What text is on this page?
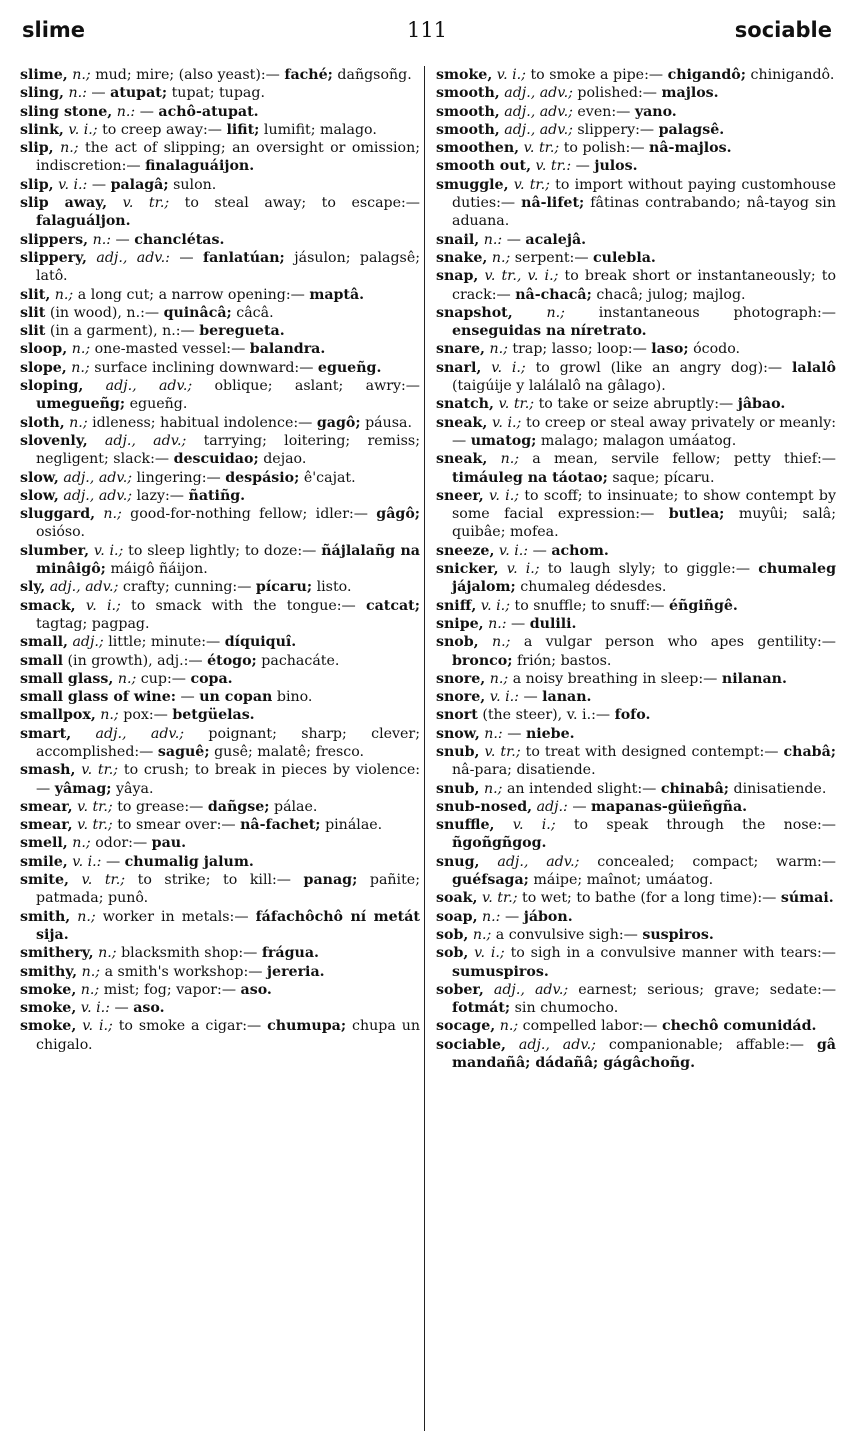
slime	111	sociable
slime, n.; mud; mire; (also yeast):— faché; dañgsoñg.
sling, n.: — atupat; tupat; tupag.
sling stone, n.: — achô-atupat.
slink, v. i.; to creep away:— lifit; lumifit; malago.
slip, n.; the act of slipping; an oversight or omission; indiscretion:— finalaguáijon.
slip, v. i.: — palagâ; sulon.
slip away, v. tr.; to steal away; to escape:— falaguáljon.
slippers, n.: — chanclétas.
slippery, adj., adv.: — fanlatúan; jásulon; palagsê; latô.
slit, n.; a long cut; a narrow opening:— maptâ.
slit (in wood), n.:— quinâcâ; câcâ.
slit (in a garment), n.:— beregueta.
sloop, n.; one-masted vessel:— balandra.
slope, n.; surface inclining downward:— egueñg.
sloping, adj., adv.; oblique; aslant; awry:— umegueñg; egueñg.
sloth, n.; idleness; habitual indolence:— gagô; páusa.
slovenly, adj., adv.; tarrying; loitering; remiss; negligent; slack:— descuidao; dejao.
slow, adj., adv.; lingering:— despásio; ê'cajat.
slow, adj., adv.; lazy:— ñatiñg.
sluggard, n.; good-for-nothing fellow; idler:— gâgô; osióso.
slumber, v. i.; to sleep lightly; to doze:— ñájlalañg na minâigô; máigô ñáijon.
sly, adj., adv.; crafty; cunning:— pícaru; listo.
smack, v. i.; to smack with the tongue:— catcat; tagtag; pagpag.
small, adj.; little; minute:— díquiquî.
small (in growth), adj.:— étogo; pachacáte.
small glass, n.; cup:— copa.
small glass of wine: — un copan bino.
smallpox, n.; pox:— betgüelas.
smart, adj., adv.; poignant; sharp; clever; accomplished:— saguê; gusê; malatê; fresco.
smash, v. tr.; to crush; to break in pieces by violence:— yâmag; yâya.
smear, v. tr.; to grease:— dañgse; pálae.
smear, v. tr.; to smear over:— nâ-fachet; pinálae.
smell, n.; odor:— pau.
smile, v. i.: — chumalig jalum.
smite, v. tr.; to strike; to kill:— panag; pañite; patmada; punô.
smith, n.; worker in metals:— fáfachôchô ní metát sija.
smithery, n.; blacksmith shop:— frágua.
smithy, n.; a smith's workshop:— jereria.
smoke, n.; mist; fog; vapor:— aso.
smoke, v. i.: — aso.
smoke, v. i.; to smoke a cigar:— chumupa; chupa un chigalo.
smoke, v. i.; to smoke a pipe:— chigandô; chinigandô.
smooth, adj., adv.; polished:— majlos.
smooth, adj., adv.; even:— yano.
smooth, adj., adv.; slippery:— palagsê.
smoothen, v. tr.; to polish:— nâ-majlos.
smooth out, v. tr.: — julos.
smuggle, v. tr.; to import without paying customhouse duties:— nâ-lifet; fâtinas contrabando; nâ-tayog sin aduana.
snail, n.: — acalejâ.
snake, n.; serpent:— culebla.
snap, v. tr., v. i.; to break short or instantaneously; to crack:— nâ-chacâ; chacâ; julog; majlog.
snapshot, n.; instantaneous photograph:— enseguidas na níretrato.
snare, n.; trap; lasso; loop:— laso; ócodo.
snarl, v. i.; to growl (like an angry dog):— lalalô (taigúije y lalálalô na gâlago).
snatch, v. tr.; to take or seize abruptly:— jâbao.
sneak, v. i.; to creep or steal away privately or meanly:— umatog; malago; malagon umáatog.
sneak, n.; a mean, servile fellow; petty thief:— timáuleg na táotao; saque; pícaru.
sneer, v. i.; to scoff; to insinuate; to show contempt by some facial expression:— butlea; muyûi; salâ; quibâe; mofea.
sneeze, v. i.: — achom.
snicker, v. i.; to laugh slyly; to giggle:— chumaleg jájalom; chumaleg dédesdes.
sniff, v. i.; to snuffle; to snuff:— éñgiñgê.
snipe, n.: — dulili.
snob, n.; a vulgar person who apes gentility:— bronco; frión; bastos.
snore, n.; a noisy breathing in sleep:— nilanan.
snore, v. i.: — lanan.
snort (the steer), v. i.:— fofo.
snow, n.: — niebe.
snub, v. tr.; to treat with designed contempt:— chabâ; nâ-para; disatiende.
snub, n.; an intended slight:— chinabâ; dinisatiende.
snub-nosed, adj.: — mapanas-güieñgña.
snuffle, v. i.; to speak through the nose:— ñgoñgñgog.
snug, adj., adv.; concealed; compact; warm:— guéfsaga; máipe; maînot; umáatog.
soak, v. tr.; to wet; to bathe (for a long time):— súmai.
soap, n.: — jábon.
sob, n.; a convulsive sigh:— suspiros.
sob, v. i.; to sigh in a convulsive manner with tears:— sumuspiros.
sober, adj., adv.; earnest; serious; grave; sedate:— fotmát; sin chumocho.
socage, n.; compelled labor:— chechô comunidád.
sociable, adj., adv.; companionable; affable:— gâ mandañâ; dádañâ; gágâchoñg.
